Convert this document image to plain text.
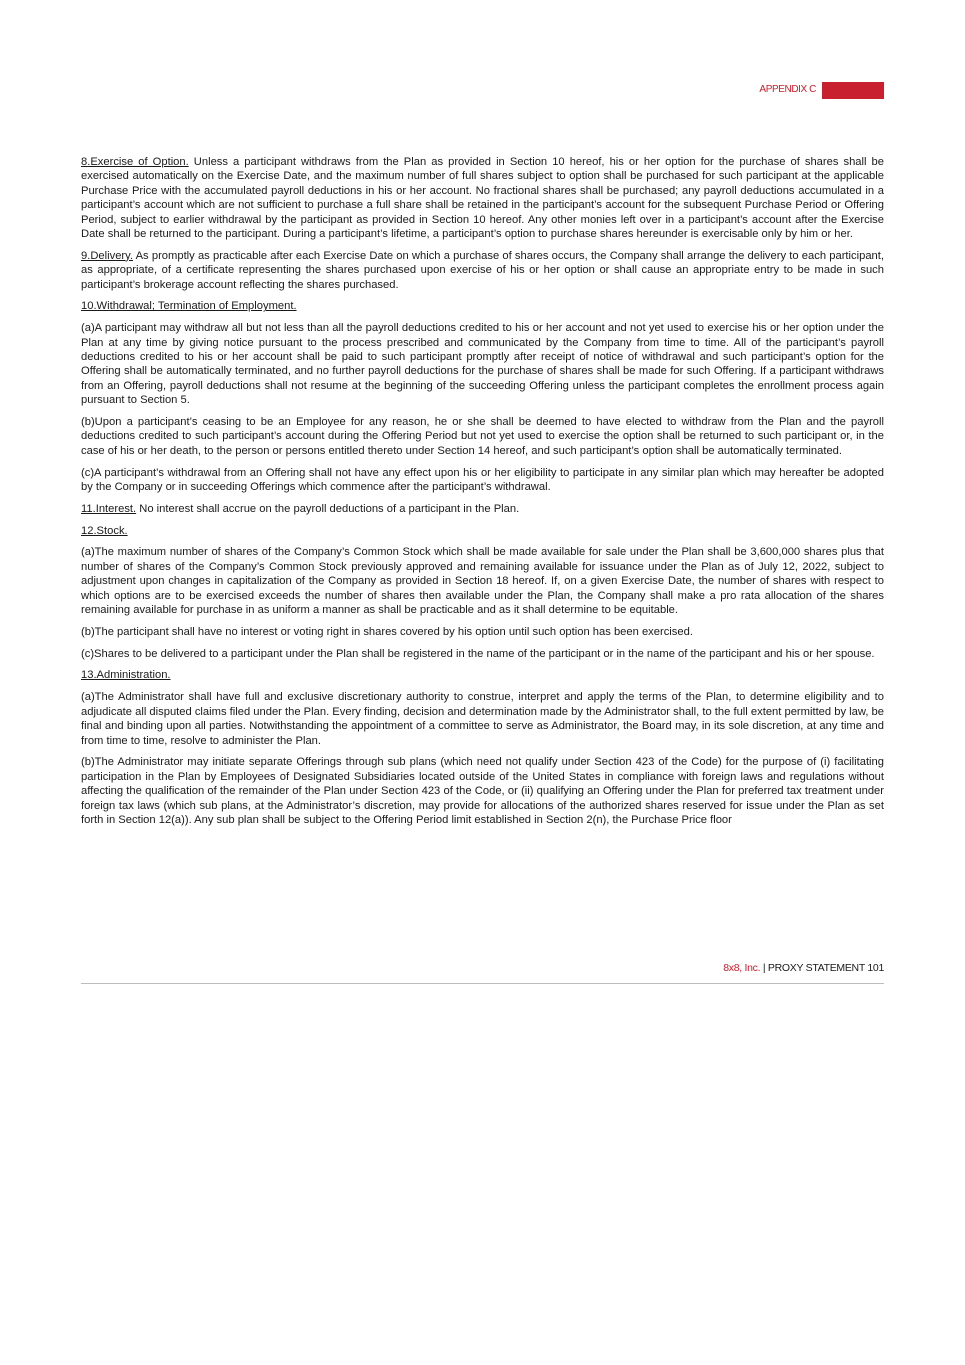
APPENDIX C

8.Exercise of Option. Unless a participant withdraws from the Plan as provided in Section 10 hereof, his or her option for the purchase of shares shall be exercised automatically on the Exercise Date, and the maximum number of full shares subject to option shall be purchased for such participant at the applicable Purchase Price with the accumulated payroll deductions in his or her account. No fractional shares shall be purchased; any payroll deductions accumulated in a participant’s account which are not sufficient to purchase a full share shall be retained in the participant’s account for the subsequent Purchase Period or Offering Period, subject to earlier withdrawal by the participant as provided in Section 10 hereof. Any other monies left over in a participant’s account after the Exercise Date shall be returned to the participant. During a participant’s lifetime, a participant’s option to purchase shares hereunder is exercisable only by him or her.

9.Delivery. As promptly as practicable after each Exercise Date on which a purchase of shares occurs, the Company shall arrange the delivery to each participant, as appropriate, of a certificate representing the shares purchased upon exercise of his or her option or shall cause an appropriate entry to be made in such participant’s brokerage account reflecting the shares purchased.

10.Withdrawal; Termination of Employment.

(a)A participant may withdraw all but not less than all the payroll deductions credited to his or her account and not yet used to exercise his or her option under the Plan at any time by giving notice pursuant to the process prescribed and communicated by the Company from time to time. All of the participant’s payroll deductions credited to his or her account shall be paid to such participant promptly after receipt of notice of withdrawal and such participant’s option for the Offering shall be automatically terminated, and no further payroll deductions for the purchase of shares shall be made for such Offering. If a participant withdraws from an Offering, payroll deductions shall not resume at the beginning of the succeeding Offering unless the participant completes the enrollment process again pursuant to Section 5.

(b)Upon a participant’s ceasing to be an Employee for any reason, he or she shall be deemed to have elected to withdraw from the Plan and the payroll deductions credited to such participant’s account during the Offering Period but not yet used to exercise the option shall be returned to such participant or, in the case of his or her death, to the person or persons entitled thereto under Section 14 hereof, and such participant’s option shall be automatically terminated.

(c)A participant’s withdrawal from an Offering shall not have any effect upon his or her eligibility to participate in any similar plan which may hereafter be adopted by the Company or in succeeding Offerings which commence after the participant’s withdrawal.

11.Interest. No interest shall accrue on the payroll deductions of a participant in the Plan.

12.Stock.

(a)The maximum number of shares of the Company’s Common Stock which shall be made available for sale under the Plan shall be 3,600,000 shares plus that number of shares of the Company’s Common Stock previously approved and remaining available for issuance under the Plan as of July 12, 2022, subject to adjustment upon changes in capitalization of the Company as provided in Section 18 hereof. If, on a given Exercise Date, the number of shares with respect to which options are to be exercised exceeds the number of shares then available under the Plan, the Company shall make a pro rata allocation of the shares remaining available for purchase in as uniform a manner as shall be practicable and as it shall determine to be equitable.

(b)The participant shall have no interest or voting right in shares covered by his option until such option has been exercised.

(c)Shares to be delivered to a participant under the Plan shall be registered in the name of the participant or in the name of the participant and his or her spouse.

13.Administration.

(a)The Administrator shall have full and exclusive discretionary authority to construe, interpret and apply the terms of the Plan, to determine eligibility and to adjudicate all disputed claims filed under the Plan. Every finding, decision and determination made by the Administrator shall, to the full extent permitted by law, be final and binding upon all parties. Notwithstanding the appointment of a committee to serve as Administrator, the Board may, in its sole discretion, at any time and from time to time, resolve to administer the Plan.

(b)The Administrator may initiate separate Offerings through sub plans (which need not qualify under Section 423 of the Code) for the purpose of (i) facilitating participation in the Plan by Employees of Designated Subsidiaries located outside of the United States in compliance with foreign laws and regulations without affecting the qualification of the remainder of the Plan under Section 423 of the Code, or (ii) qualifying an Offering under the Plan for preferred tax treatment under foreign tax laws (which sub plans, at the Administrator’s discretion, may provide for allocations of the authorized shares reserved for issue under the Plan as set forth in Section 12(a)). Any sub plan shall be subject to the Offering Period limit established in Section 2(n), the Purchase Price floor

8x8, Inc. | PROXY STATEMENT 101
